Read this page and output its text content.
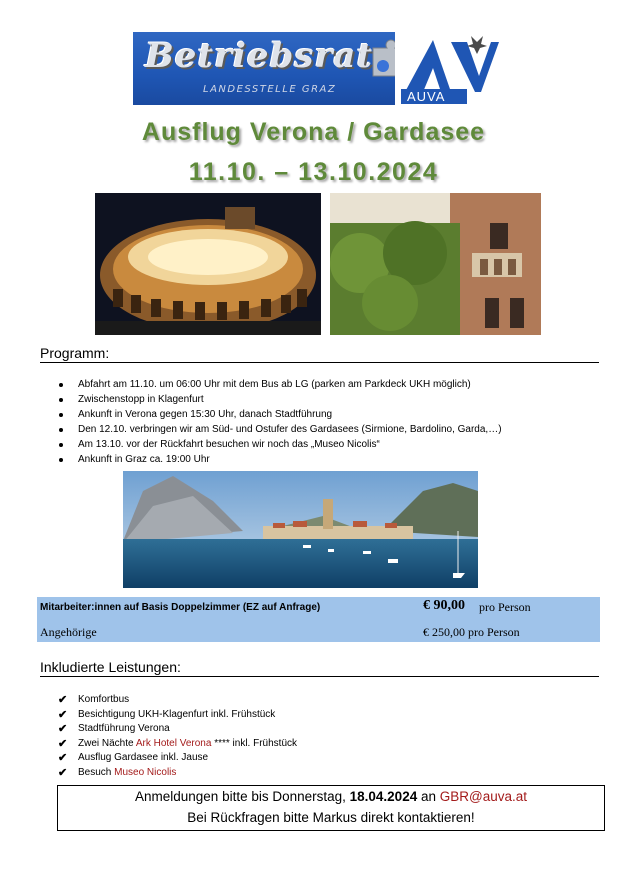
Betriebsrat
LANDESSTELLE GRAZ	AUVA
Ausflug Verona / Gardasee
11.10. – 13.10.2024
Programm:
Abfahrt am 11.10. um 06:00 Uhr mit dem Bus ab LG (parken am Parkdeck UKH möglich)
Zwischenstopp in Klagenfurt
Ankunft in Verona gegen 15:30 Uhr, danach Stadtführung
Den 12.10. verbringen wir am Süd- und Ostufer des Gardasees (Sirmione, Bardolino, Garda,…)
Am 13.10. vor der Rückfahrt besuchen wir noch das „Museo Nicolis“
Ankunft in Graz ca. 19:00 Uhr
Mitarbeiter:innen auf Basis Doppelzimmer (EZ auf Anfrage)	€ 90,00 pro Person
Angehörige	€ 250,00 pro Person
Inkludierte Leistungen:
✔ Komfortbus
✔ Besichtigung UKH-Klagenfurt inkl. Frühstück
✔ Stadtführung Verona
✔ Zwei Nächte Ark Hotel Verona **** inkl. Frühstück
✔ Ausflug Gardasee inkl. Jause
✔ Besuch Museo Nicolis
Anmeldungen bitte bis Donnerstag, 18.04.2024 an GBR@auva.at
Bei Rückfragen bitte Markus direkt kontaktieren!
